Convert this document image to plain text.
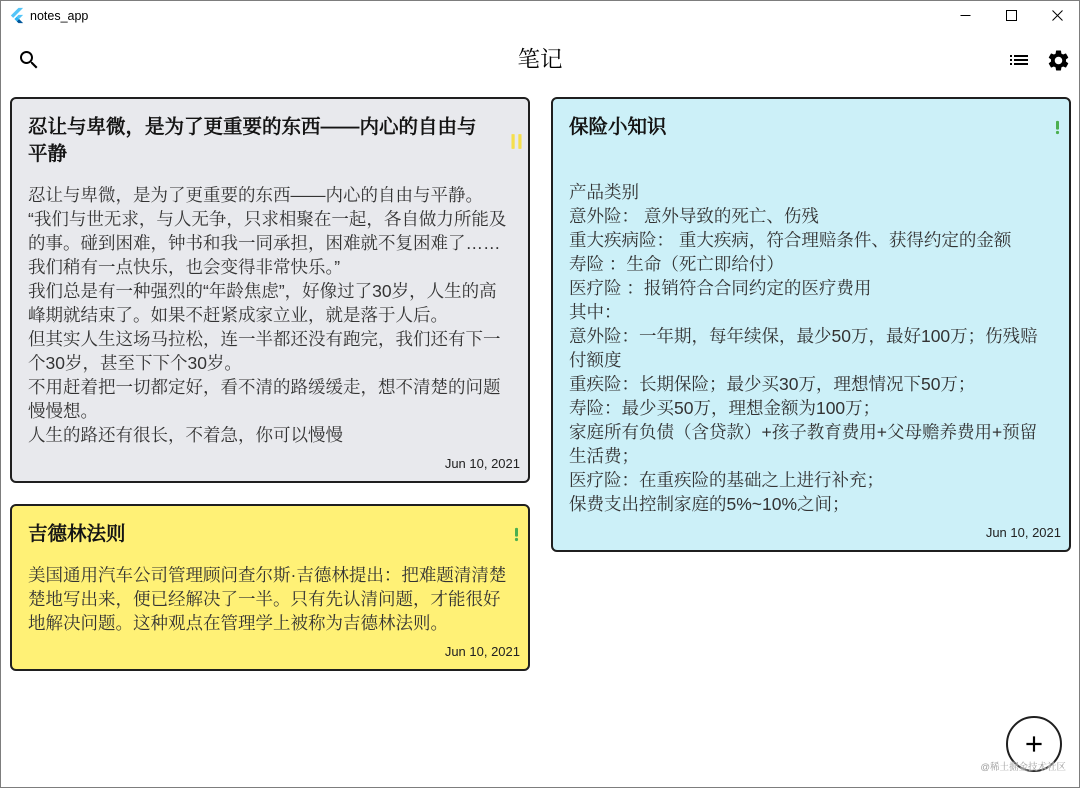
notes_app
笔记
忍让与卑微，是为了更重要的东西——内心的自由与平静

忍让与卑微，是为了更重要的东西——内心的自由与平静。
“我们与世无求，与人无争，只求相聚在一起，各自做力所能及的事。碰到困难，钟书和我一同承担，困难就不复困难了……我们稍有一点快乐，也会变得非常快乐。”
我们总是有一种强烈的“年龄焦虑”，好像过了30岁，人生的高峰期就结束了。如果不赶紧成家立业，就是落于人后。
但其实人生这场马拉松，连一半都还没有跑完，我们还有下一个30岁，甚至下下个30岁。
不用赶着把一切都定好，看不清的路缓缓走，想不清楚的问题慢慢想。
人生的路还有很长，不着急，你可以慢慢

Jun 10, 2021
吉德林法则

美国通用汽车公司管理顾问查尔斯·吉德林提出：把难题清清楚楚地写出来，便已经解决了一半。只有先认清问题，才能很好地解决问题。这种观点在管理学上被称为吉德林法则。

Jun 10, 2021
保险小知识

产品类别
意外险： 意外导致的死亡、伤残
重大疾病险： 重大疾病，符合理赔条件、获得约定的金额
寿险 ：生命（死亡即给付）
医疗险 ：报销符合合同约定的医疗费用
其中：
意外险：一年期，每年续保，最少50万，最好100万；伤残赔付额度
重疾险：长期保险；最少买30万，理想情况下50万；
寿险：最少买50万，理想金额为100万；
家庭所有负债（含贷款）+孩子教育费用+父母赡养费用+预留生活费；
医疗险：在重疾险的基础之上进行补充；
保费支出控制家庭的5%~10%之间；

Jun 10, 2021
@稀土掘金技术社区
